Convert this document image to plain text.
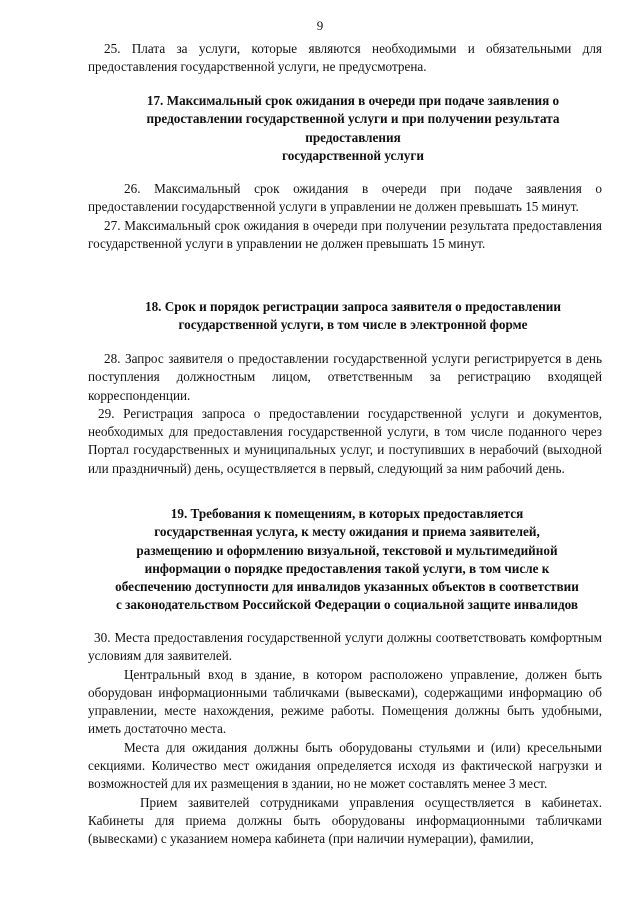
9

25. Плата за услуги, которые являются необходимыми и обязательными для предоставления государственной услуги, не предусмотрена.

17. Максимальный срок ожидания в очереди при подаче заявления о
предоставлении государственной услуги и при получении результата
предоставления
государственной услуги

26. Максимальный срок ожидания в очереди при подаче заявления о предоставлении государственной услуги в управлении не должен превышать 15 минут.

27. Максимальный срок ожидания в очереди при получении результата предоставления государственной услуги в управлении не должен превышать 15 минут.

18. Срок и порядок регистрации запроса заявителя о предоставлении
государственной услуги, в том числе в электронной форме

28. Запрос заявителя о предоставлении государственной услуги регистрируется в день поступления должностным лицом, ответственным за регистрацию входящей корреспонденции.

29. Регистрация запроса о предоставлении государственной услуги и документов, необходимых для предоставления государственной услуги, в том числе поданного через Портал государственных и муниципальных услуг, и поступивших в нерабочий (выходной или праздничный) день, осуществляется в первый, следующий за ним рабочий день.

19. Требования к помещениям, в которых предоставляется
государственная услуга, к месту ожидания и приема заявителей,
размещению и оформлению визуальной, текстовой и мультимедийной
информации о порядке предоставления такой услуги, в том числе к
обеспечению доступности для инвалидов указанных объектов в соответствии
с законодательством Российской Федерации о социальной защите инвалидов

30. Места предоставления государственной услуги должны соответствовать комфортным условиям для заявителей.

Центральный вход в здание, в котором расположено управление, должен быть оборудован информационными табличками (вывесками), содержащими информацию об управлении, месте нахождения, режиме работы. Помещения должны быть удобными, иметь достаточно места.

Места для ожидания должны быть оборудованы стульями и (или) кресельными секциями. Количество мест ожидания определяется исходя из фактической нагрузки и возможностей для их размещения в здании, но не может составлять менее 3 мест.

Прием заявителей сотрудниками управления осуществляется в кабинетах. Кабинеты для приема должны быть оборудованы информационными табличками (вывесками) с указанием номера кабинета (при наличии нумерации), фамилии,
